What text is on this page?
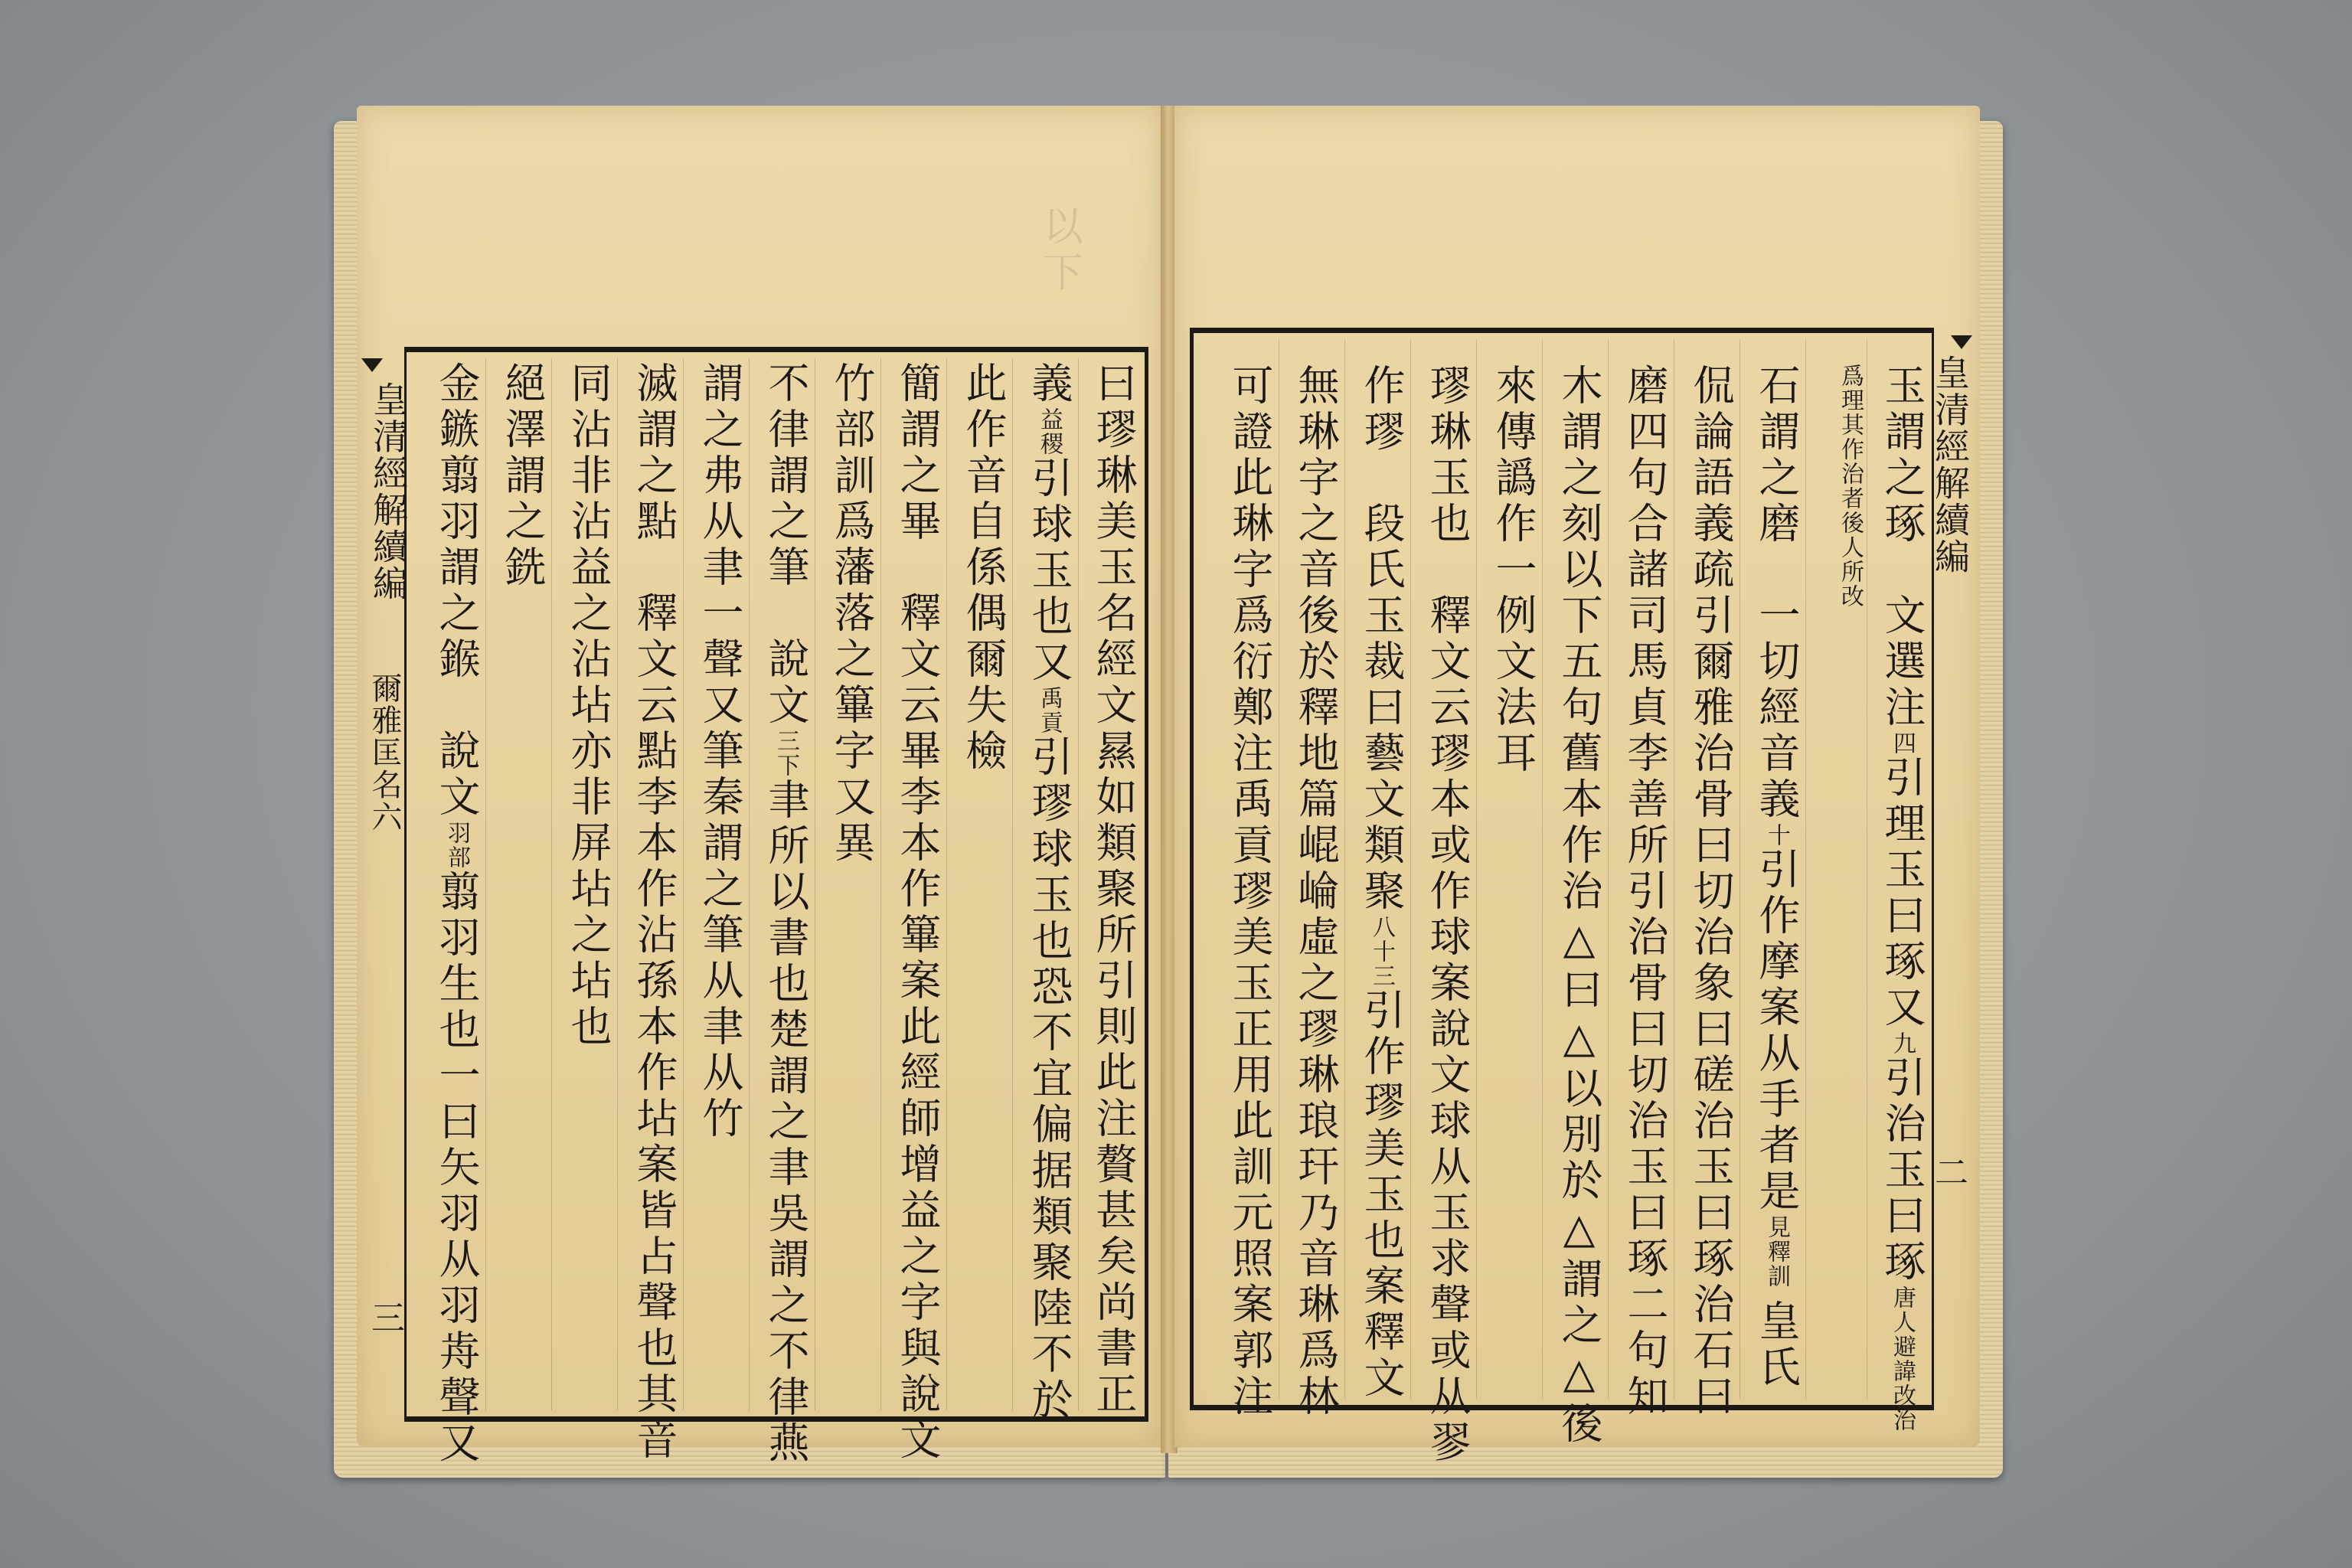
以下
曰璆琳美玉名經文㬎如類聚所引則此注贅甚矣尚書正
義益稷引球玉也又禹貢引璆球玉也恐不宜偏据類聚陸不於
此作音自係偶爾失檢
簡謂之畢　釋文云畢李本作篳案此經師增益之字與說文
竹部訓爲藩落之篳字又異
不律謂之筆　說文三下聿所以書也楚謂之聿吳謂之不律燕
謂之弗从聿一聲又筆秦謂之筆从聿从竹
滅謂之點　釋文云點李本作沾孫本作坫案皆占聲也其音
同沾非沾益之沾坫亦非屏坫之坫也
絕澤謂之銑
金鏃翦羽謂之鍭　說文羽部翦羽生也一曰矢羽从羽歬聲又
皇清經解續編
爾雅匡名六
三
玉謂之琢　文選注四引理玉曰琢又九引治玉曰琢唐人避諱改治
爲理其作治者後人所改
石謂之磨　一切經音義十引作摩案从手者是見釋訓皇氏
侃論語義疏引爾雅治骨曰切治象曰磋治玉曰琢治石曰
磨四句合諸司馬貞李善所引治骨曰切治玉曰琢二句知
木謂之刻以下五句舊本作治△曰△以別於△謂之△後
來傳譌作一例文法耳
璆琳玉也　釋文云璆本或作球案說文球从玉求聲或从翏
作璆　段氏玉裁曰藝文類聚八十三引作璆美玉也案釋文
無琳字之音後於釋地篇崐崘虛之璆琳琅玕乃音琳爲林
可證此琳字爲衍鄭注禹貢璆美玉正用此訓元照案郭注	皇清經解續編
二
